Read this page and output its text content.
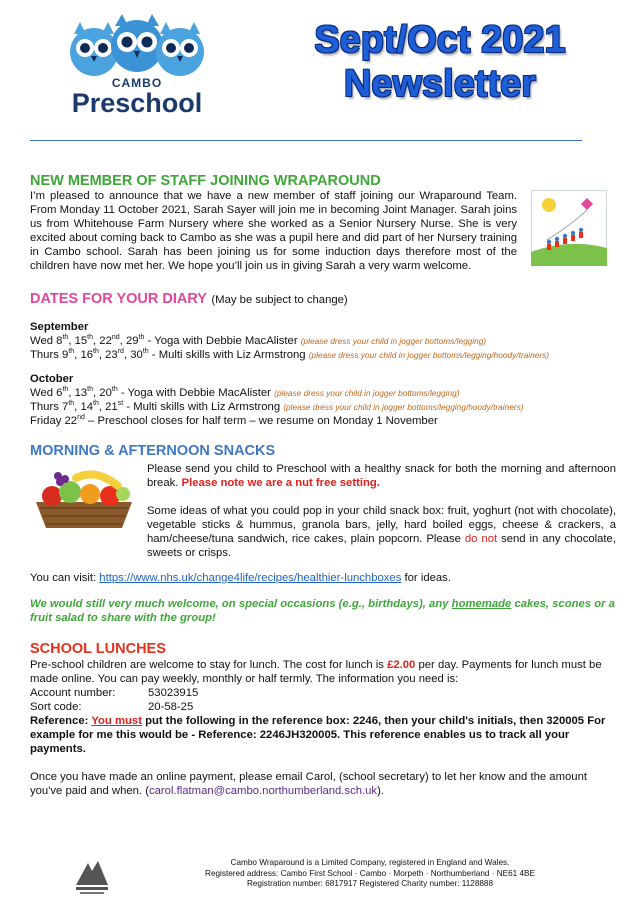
CAMBO
Preschool
Sept/Oct 2021
Newsletter
NEW MEMBER OF STAFF JOINING WRAPAROUND
I’m pleased to announce that we have a new member of staff joining our Wraparound Team. From Monday 11 October 2021, Sarah Sayer will join me in becoming Joint Manager. Sarah joins us from Whitehouse Farm Nursery where she worked as a Senior Nursery Nurse. She is very excited about coming back to Cambo as she was a pupil here and did part of her Nursery training in Cambo school. Sarah has been joining us for some induction days therefore most of the children have now met her. We hope you’ll join us in giving Sarah a very warm welcome.
DATES FOR YOUR DIARY (May be subject to change)
September
Wed 8th, 15th, 22nd, 29th - Yoga with Debbie MacAlister (please dress your child in jogger bottoms/legging)
Thurs 9th, 16th, 23rd, 30th - Multi skills with Liz Armstrong (please dress your child in jogger bottoms/legging/hoody/trainers)
October
Wed 6th, 13th, 20th - Yoga with Debbie MacAlister (please dress your child in jogger bottoms/legging)
Thurs 7th, 14th, 21st - Multi skills with Liz Armstrong (please dress your child in jogger bottoms/legging/hoody/trainers)
Friday 22nd – Preschool closes for half term – we resume on Monday 1 November
MORNING & AFTERNOON SNACKS
Please send you child to Preschool with a healthy snack for both the morning and afternoon break. Please note we are a nut free setting.
Some ideas of what you could pop in your child snack box: fruit, yoghurt (not with chocolate), vegetable sticks & hummus, granola bars, jelly, hard boiled eggs, cheese & crackers, a ham/cheese/tuna sandwich, rice cakes, plain popcorn. Please do not send in any chocolate, sweets or crisps.
You can visit: https://www.nhs.uk/change4life/recipes/healthier-lunchboxes for ideas.
We would still very much welcome, on special occasions (e.g., birthdays), any homemade cakes, scones or a fruit salad to share with the group!
SCHOOL LUNCHES
Pre-school children are welcome to stay for lunch. The cost for lunch is £2.00 per day. Payments for lunch must be made online. You can pay weekly, monthly or half termly. The information you need is:
Account number:	53023915
Sort code:	20-58-25
Reference: You must put the following in the reference box: 2246, then your child's initials, then 320005 For example for me this would be - Reference: 2246JH320005. This reference enables us to track all your payments.
Once you have made an online payment, please email Carol, (school secretary) to let her know and the amount you've paid and when. (carol.flatman@cambo.northumberland.sch.uk).
Cambo Wraparound is a Limited Company, registered in England and Wales.
Registered address: Cambo First School · Cambo · Morpeth · Northumberland · NE61 4BE
Registration number: 6817917 Registered Charity number: 1128888
